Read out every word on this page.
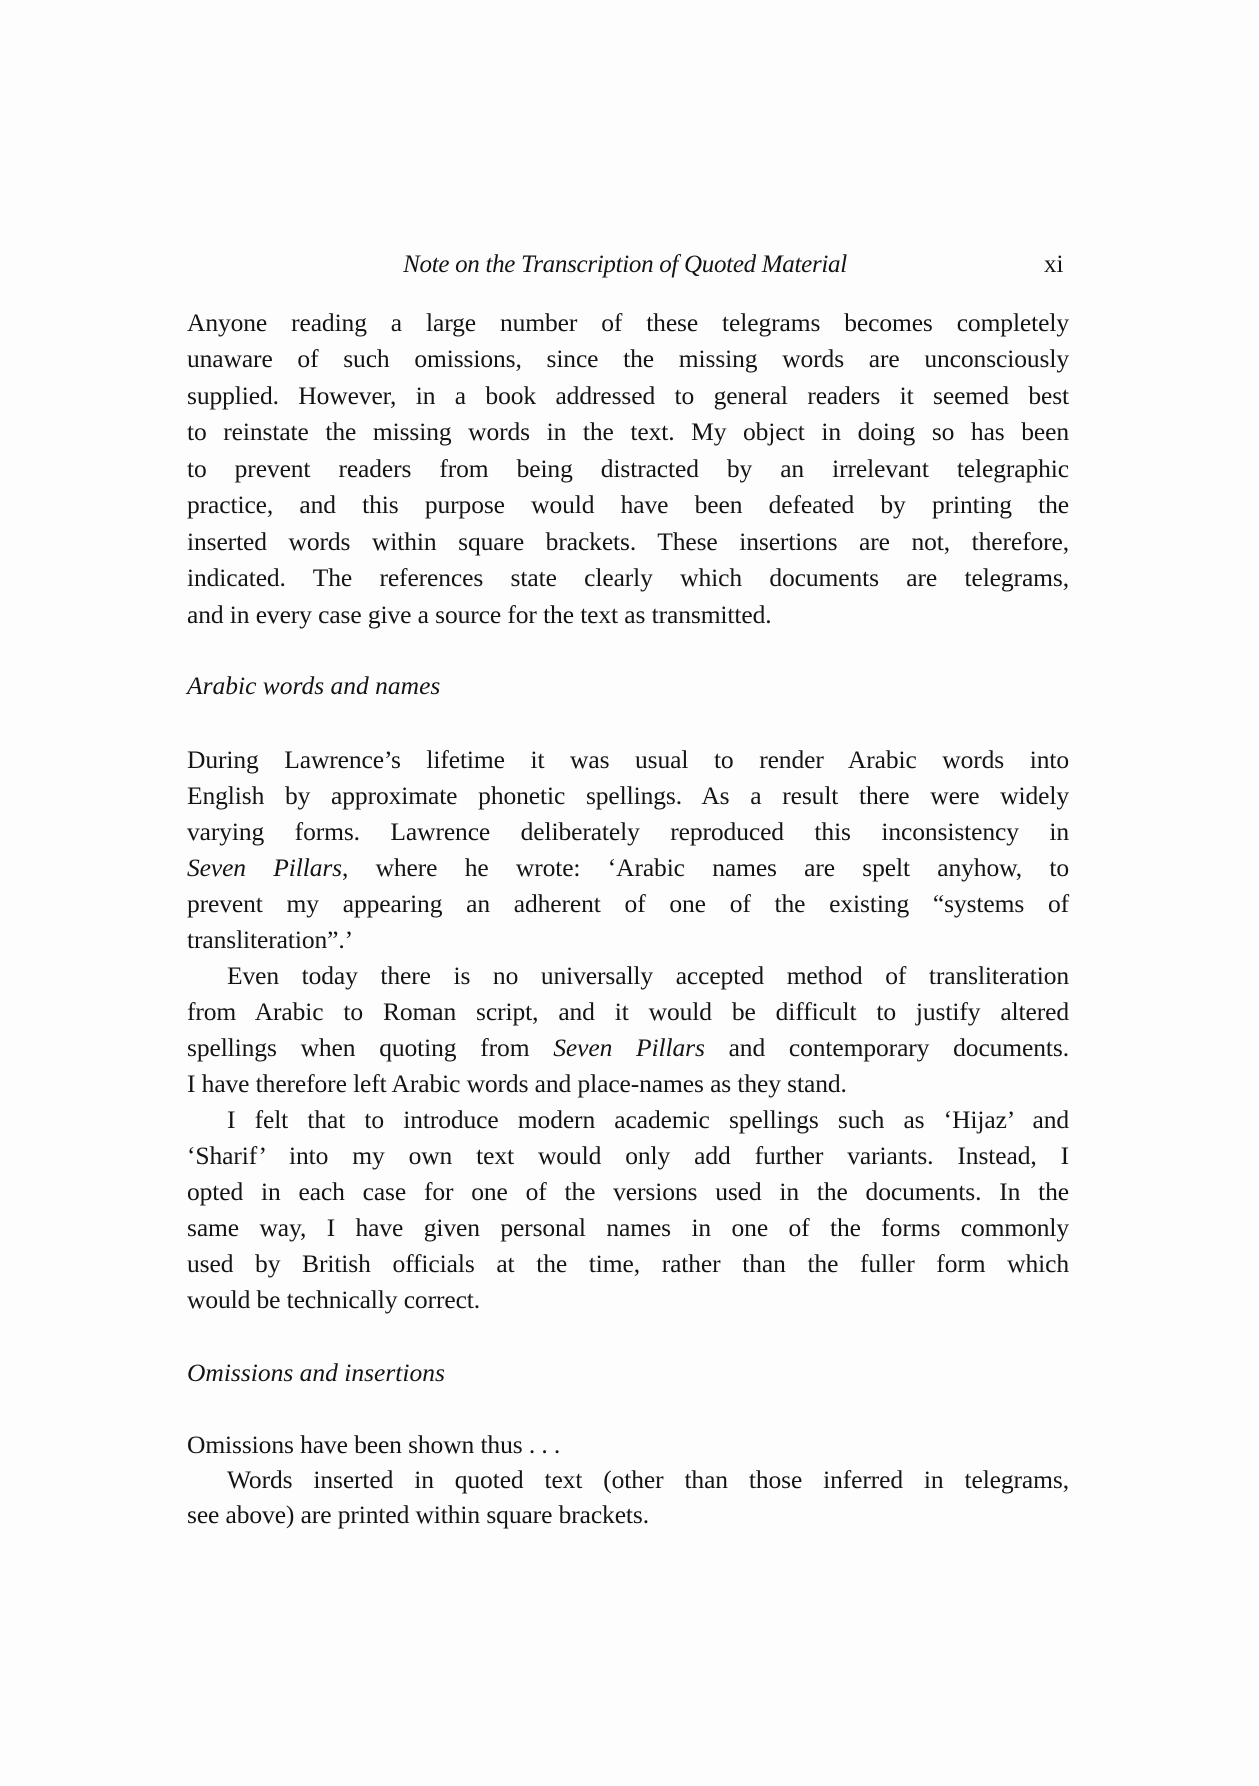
Note on the Transcription of Quoted Material	xi
Anyone reading a large number of these telegrams becomes completely
unaware of such omissions, since the missing words are unconsciously
supplied. However, in a book addressed to general readers it seemed best
to reinstate the missing words in the text. My object in doing so has been
to prevent readers from being distracted by an irrelevant telegraphic
practice, and this purpose would have been defeated by printing the
inserted words within square brackets. These insertions are not, therefore,
indicated. The references state clearly which documents are telegrams,
and in every case give a source for the text as transmitted.
Arabic words and names
During Lawrence’s lifetime it was usual to render Arabic words into
English by approximate phonetic spellings. As a result there were widely
varying forms. Lawrence deliberately reproduced this inconsistency in
Seven Pillars, where he wrote: ‘Arabic names are spelt anyhow, to
prevent my appearing an adherent of one of the existing “systems of
transliteration”.’
Even today there is no universally accepted method of transliteration
from Arabic to Roman script, and it would be difficult to justify altered
spellings when quoting from Seven Pillars and contemporary documents.
I have therefore left Arabic words and place-names as they stand.
I felt that to introduce modern academic spellings such as ‘Hijaz’ and
‘Sharif’ into my own text would only add further variants. Instead, I
opted in each case for one of the versions used in the documents. In the
same way, I have given personal names in one of the forms commonly
used by British officials at the time, rather than the fuller form which
would be technically correct.
Omissions and insertions
Omissions have been shown thus . . .
Words inserted in quoted text (other than those inferred in telegrams,
see above) are printed within square brackets.
